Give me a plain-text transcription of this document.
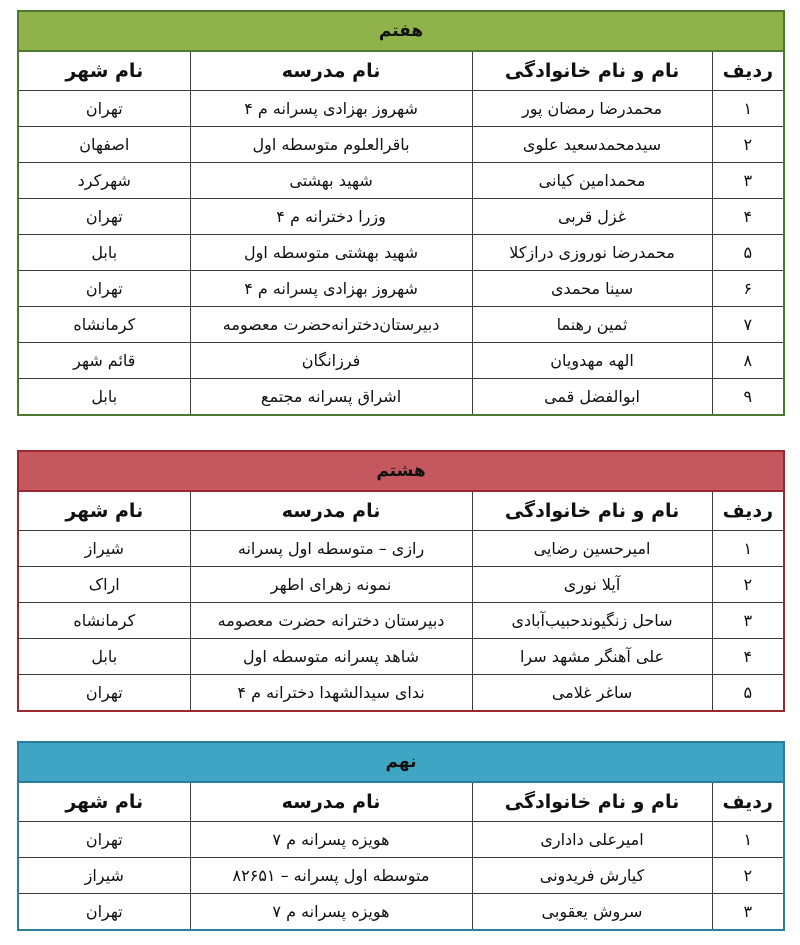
هفتم			
ردیف	نام و نام خانوادگی	نام مدرسه	نام شهر
۱	محمدرضا رمضان پور	شهروز بهزادی پسرانه م ۴	تهران
۲	سیدمحمدسعید علوی	باقرالعلوم متوسطه اول	اصفهان
۳	محمدامین کیانی	شهید بهشتی	شهرکرد
۴	غزل قربی	وزرا دخترانه م ۴	تهران
۵	محمدرضا نوروزی درازکلا	شهید بهشتی متوسطه اول	بابل
۶	سینا محمدی	شهروز بهزادی پسرانه م ۴	تهران
۷	ثمین رهنما	دبیرستان‌دخترانه‌حضرت معصومه	کرمانشاه
۸	الهه مهدویان	فرزانگان	قائم شهر
۹	ابوالفضل قمی	اشراق پسرانه مجتمع	بابل
هشتم			
ردیف	نام و نام خانوادگی	نام مدرسه	نام شهر
۱	امیرحسین رضایی	رازی – متوسطه اول پسرانه	شیراز
۲	آیلا نوری	نمونه زهرای اطهر	اراک
۳	ساحل زنگیوندحبیب‌آبادی	دبیرستان دخترانه حضرت معصومه	کرمانشاه
۴	علی آهنگر مشهد سرا	شاهد پسرانه متوسطه اول	بابل
۵	ساغر غلامی	ندای سیدالشهدا دخترانه م ۴	تهران
نهم			
ردیف	نام و نام خانوادگی	نام مدرسه	نام شهر
۱	امیرعلی داداری	هویزه پسرانه م ۷	تهران
۲	کیارش فریدونی	متوسطه اول پسرانه – ۸۲۶۵۱	شیراز
۳	سروش یعقوبی	هویزه پسرانه م ۷	تهران
